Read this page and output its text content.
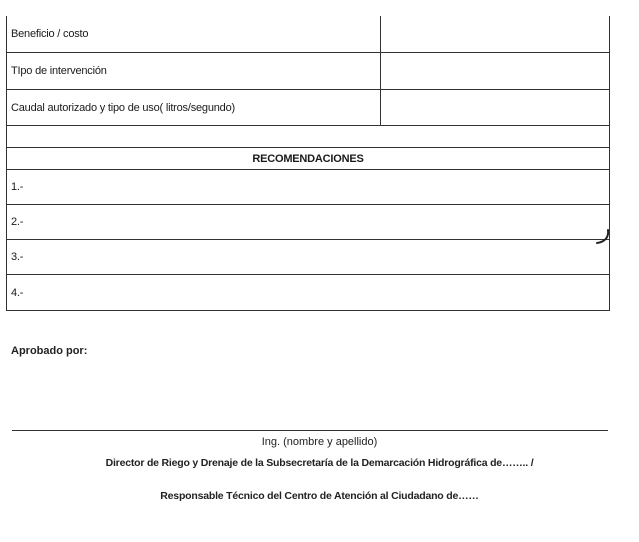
Beneficio / costo
TIpo de intervención
Caudal autorizado y tipo de uso( litros/segundo)
RECOMENDACIONES
1.-
2.-
3.-
4.-
Aprobado por:
Ing. (nombre y apellido)
Director de Riego y Drenaje de la Subsecretaría de la Demarcación Hidrográfica de…….. /
Responsable Técnico del Centro de Atención al Ciudadano de……
